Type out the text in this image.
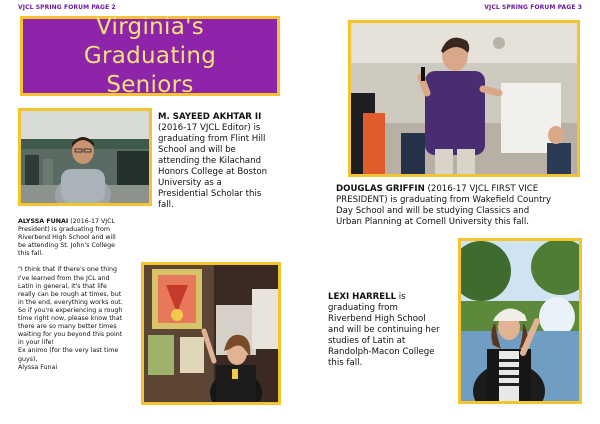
VJCL SPRING FORUM PAGE 2	VJCL SPRING FORUM PAGE 3
Virginia's Graduating
Seniors
M. SAYEED AKHTAR II
(2016-17 VJCL Editor) is
graduating from Flint Hill
School and will be
attending the Kilachand
Honors College at Boston
University as a
Presidential Scholar this
fall.
ALYSSA FUNAI (2016-17 VJCL
President) is graduating from
Riverbend High School and will
be attending St. John's College
this fall.
"I think that if there's one thing
I've learned from the JCL and
Latin in general, it's that life
really can be rough at times, but
in the end, everything works out.
So if you're experiencing a rough
time right now, please know that
there are so many better times
waiting for you beyond this point
in your life!
Ex animo (for the very last time
guys),
Alyssa Funai
DOUGLAS GRIFFIN (2016-17 VJCL FIRST VICE
PRESIDENT) is graduating from Wakefield Country
Day School and will be studying Classics and
Urban Planning at Cornell University this fall.
LEXI HARRELL is
graduating from
Riverbend High School
and will be continuing her
studies of Latin at
Randolph-Macon College
this fall.
